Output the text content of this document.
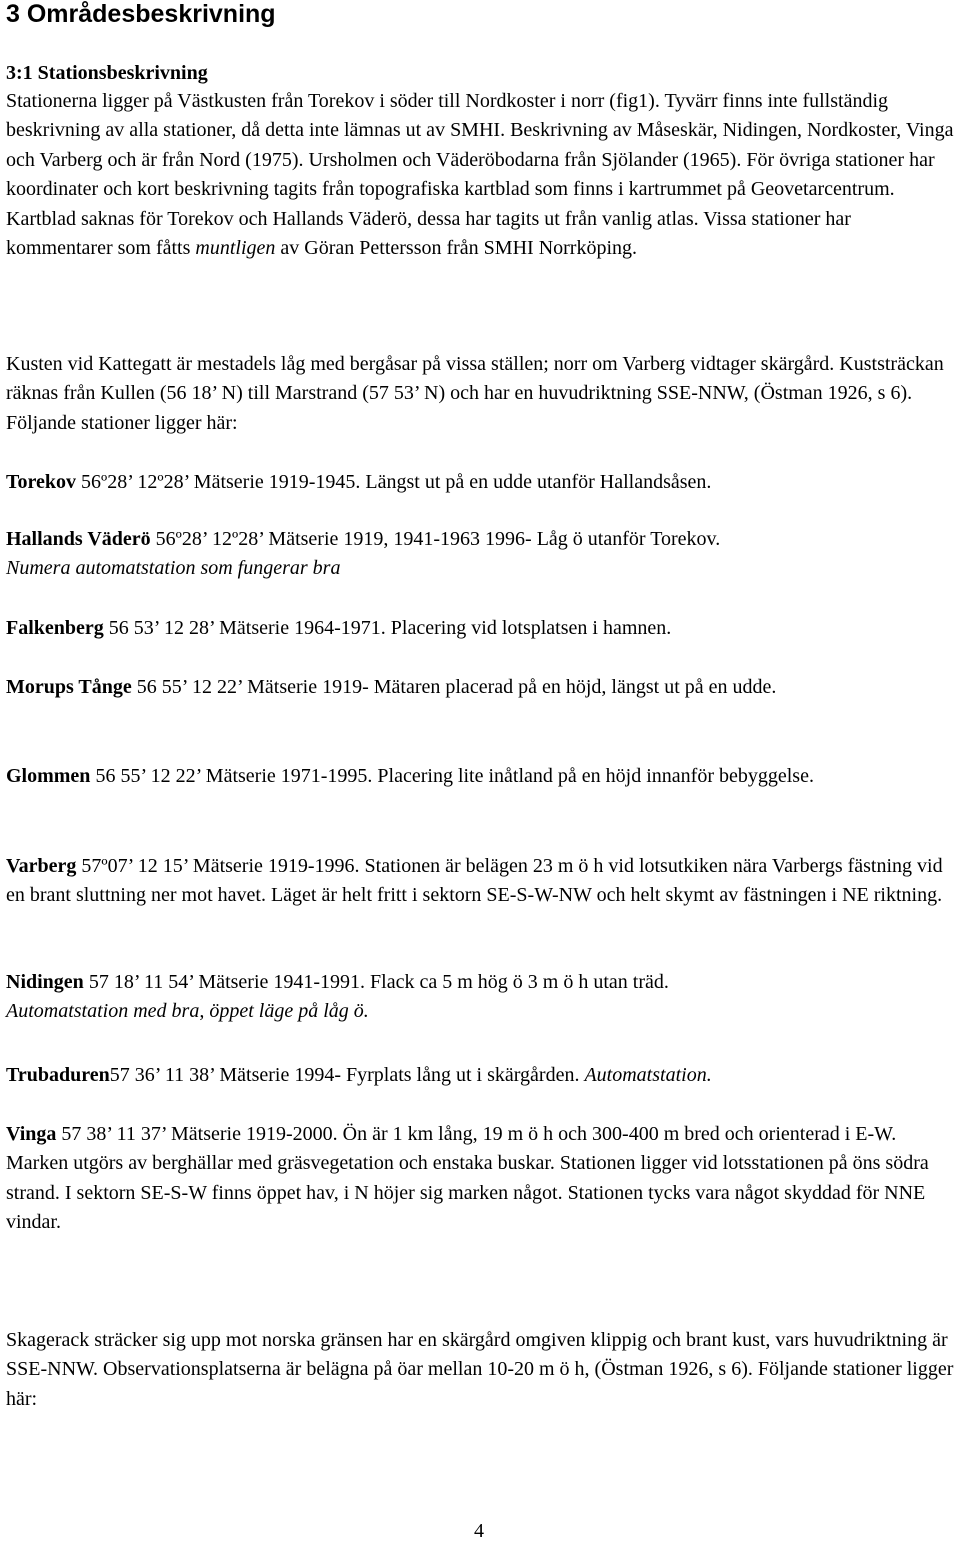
3 Områdesbeskrivning
3:1 Stationsbeskrivning

Stationerna ligger på Västkusten från Torekov i söder till Nordkoster i norr (fig1). Tyvärr finns inte fullständig beskrivning av alla stationer, då detta inte lämnas ut av SMHI. Beskrivning av Måseskär, Nidingen, Nordkoster, Vinga och Varberg och är från Nord (1975). Ursholmen och Väderöbodarna från Sjölander (1965). För övriga stationer har koordinater och kort beskrivning tagits från topografiska kartblad som finns i kartrummet på Geovetarcentrum. Kartblad saknas för Torekov och Hallands Väderö, dessa har tagits ut från vanlig atlas. Vissa stationer har kommentarer som fåtts muntligen av Göran Pettersson från SMHI Norrköping.

Kusten vid Kattegatt är mestadels låg med bergåsar på vissa ställen; norr om Varberg vidtager skärgård. Kuststräckan räknas från Kullen (56 18’ N) till Marstrand (57 53’ N) och har en huvudriktning SSE-NNW, (Östman 1926, s 6). Följande stationer ligger här:

Torekov 56º28’ 12º28’ Mätserie 1919-1945. Längst ut på en udde utanför Hallandsåsen.

Hallands Väderö 56º28’ 12º28’ Mätserie 1919, 1941-1963 1996- Låg ö utanför Torekov.
Numera automatstation som fungerar bra

Falkenberg 56 53’ 12 28’ Mätserie 1964-1971. Placering vid lotsplatsen i hamnen.

Morups Tånge 56 55’ 12 22’ Mätserie 1919- Mätaren placerad på en höjd, längst ut på en udde.

Glommen 56 55’ 12 22’ Mätserie 1971-1995. Placering lite inåtland på en höjd innanför bebyggelse.

Varberg 57º07’ 12 15’ Mätserie 1919-1996. Stationen är belägen 23 m ö h vid lotsutkiken nära Varbergs fästning vid en brant sluttning ner mot havet. Läget är helt fritt i sektorn SE-S-W-NW och helt skymt av fästningen i NE riktning.

Nidingen 57 18’ 11 54’ Mätserie 1941-1991. Flack ca 5 m hög ö 3 m ö h utan träd.
Automatstation med bra, öppet läge på låg ö.

Trubaduren57 36’ 11 38’ Mätserie 1994- Fyrplats lång ut i skärgården. Automatstation.

Vinga 57 38’ 11 37’ Mätserie 1919-2000. Ön är 1 km lång, 19 m ö h och 300-400 m bred och orienterad i E-W. Marken utgörs av berghällar med gräsvegetation och enstaka buskar. Stationen ligger vid lotsstationen på öns södra strand. I sektorn SE-S-W finns öppet hav, i N höjer sig marken något. Stationen tycks vara något skyddad för NNE vindar.

Skagerack sträcker sig upp mot norska gränsen har en skärgård omgiven klippig och brant kust, vars huvudriktning är SSE-NNW. Observationsplatserna är belägna på öar mellan 10-20 m ö h, (Östman 1926, s 6). Följande stationer ligger här:

4
